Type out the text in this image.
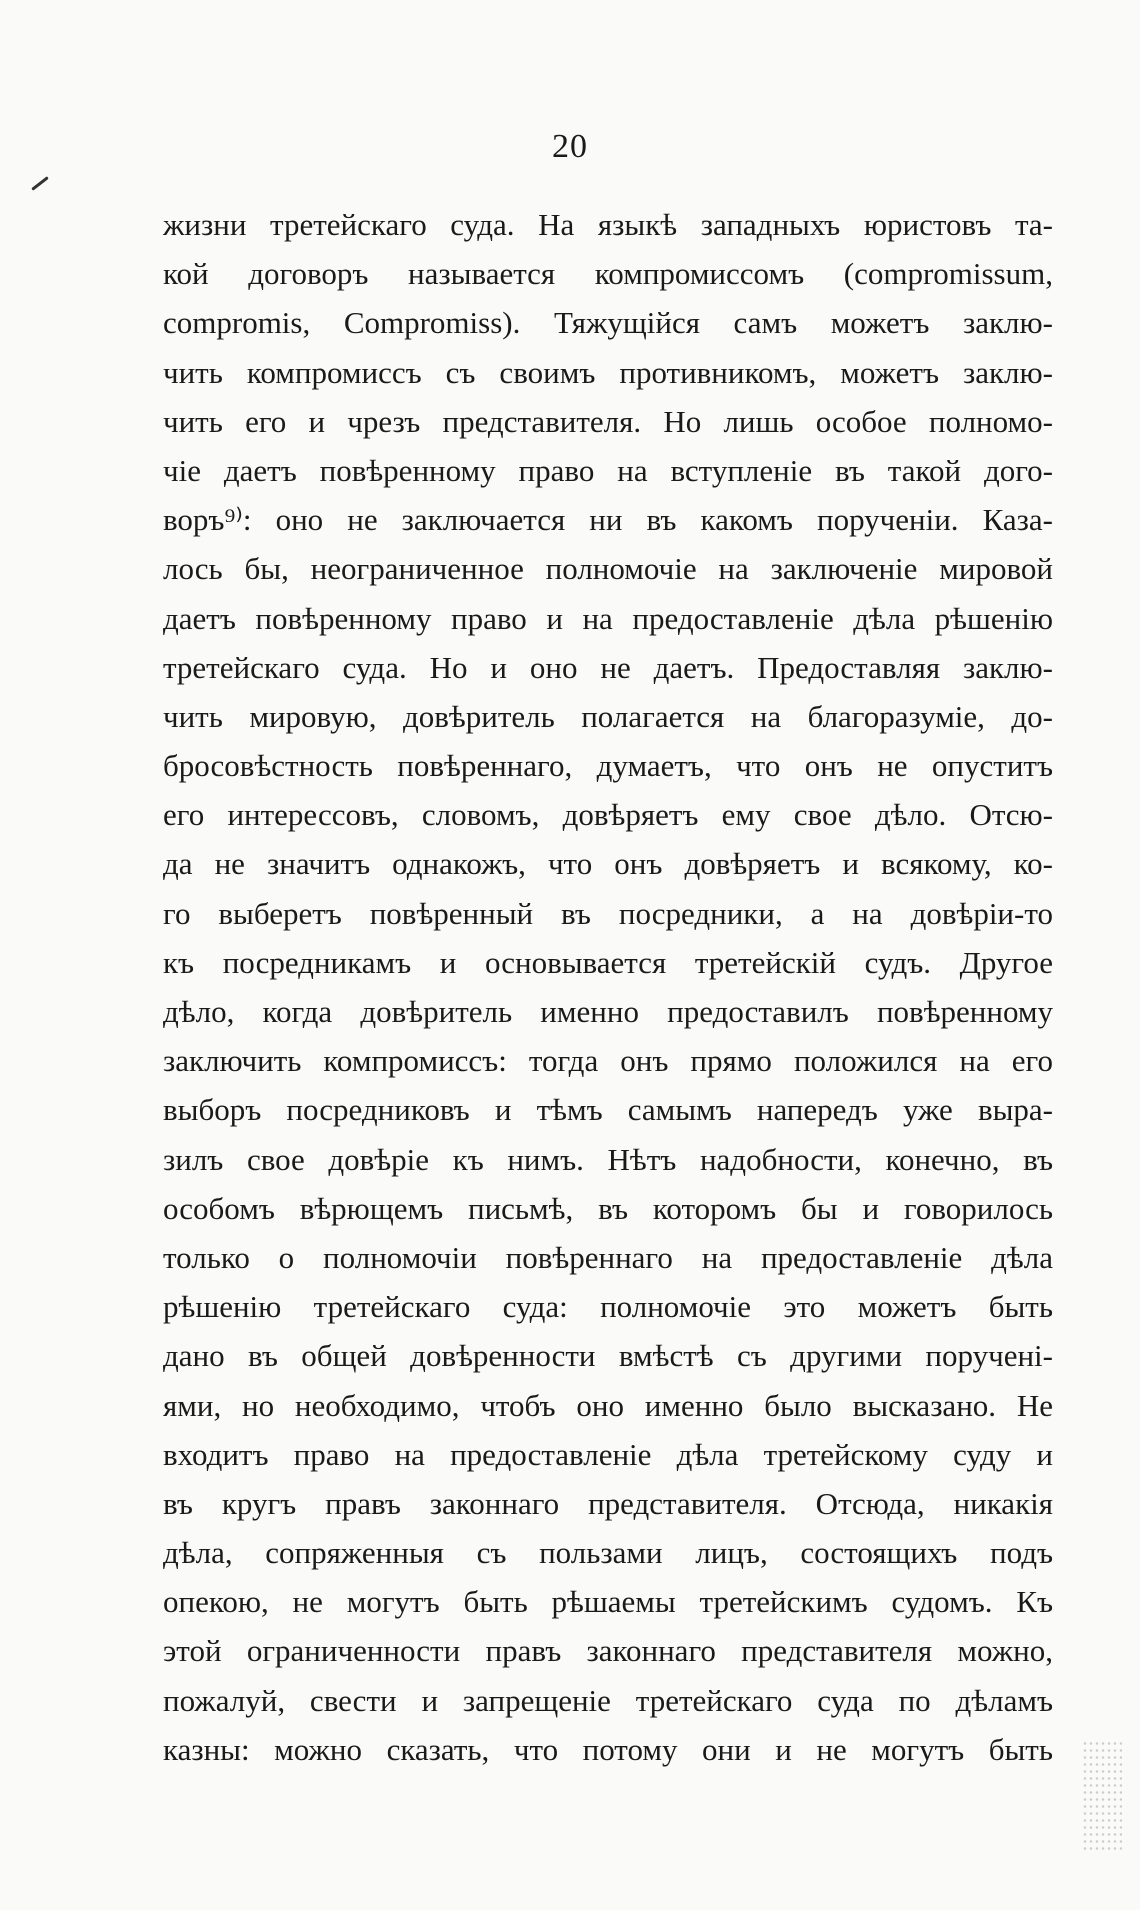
20
жизни третейскаго суда. На языкѣ западныхъ юристовъ та-
кой договоръ называется компромиссомъ (compromissum,
compromis, Compromiss). Тяжущійся самъ можетъ заклю-
чить компромиссъ съ своимъ противникомъ, можетъ заклю-
чить его и чрезъ представителя. Но лишь особое полномо-
чіе даетъ повѣренному право на вступленіе въ такой дого-
воръ⁹⁾: оно не заключается ни въ какомъ порученіи. Каза-
лось бы, неограниченное полномочіе на заключеніе мировой
даетъ повѣренному право и на предоставленіе дѣла рѣшенію
третейскаго суда. Но и оно не даетъ. Предоставляя заклю-
чить мировую, довѣритель полагается на благоразуміе, до-
бросовѣстность повѣреннаго, думаетъ, что онъ не опуститъ
его интерессовъ, словомъ, довѣряетъ ему свое дѣло. Отсю-
да не значитъ однакожъ, что онъ довѣряетъ и всякому, ко-
го выберетъ повѣренный въ посредники, а на довѣріи-то
къ посредникамъ и основывается третейскій судъ. Другое
дѣло, когда довѣритель именно предоставилъ повѣренному
заключить компромиссъ: тогда онъ прямо положился на его
выборъ посредниковъ и тѣмъ самымъ напередъ уже выра-
зилъ свое довѣріе къ нимъ. Нѣтъ надобности, конечно, въ
особомъ вѣрющемъ письмѣ, въ которомъ бы и говорилось
только о полномочіи повѣреннаго на предоставленіе дѣла
рѣшенію третейскаго суда: полномочіе это можетъ быть
дано въ общей довѣренности вмѣстѣ съ другими порученi-
ями, но необходимо, чтобъ оно именно было высказано. Не
входитъ право на предоставленіе дѣла третейскому суду и
въ кругъ правъ законнаго представителя. Отсюда, никакія
дѣла, сопряженныя съ пользами лицъ, состоящихъ подъ
опекою, не могутъ быть рѣшаемы третейскимъ судомъ. Къ
этой ограниченности правъ законнаго представителя можно,
пожалуй, свести и запрещеніе третейскаго суда по дѣламъ
казны: можно сказать, что потому они и не могутъ быть
